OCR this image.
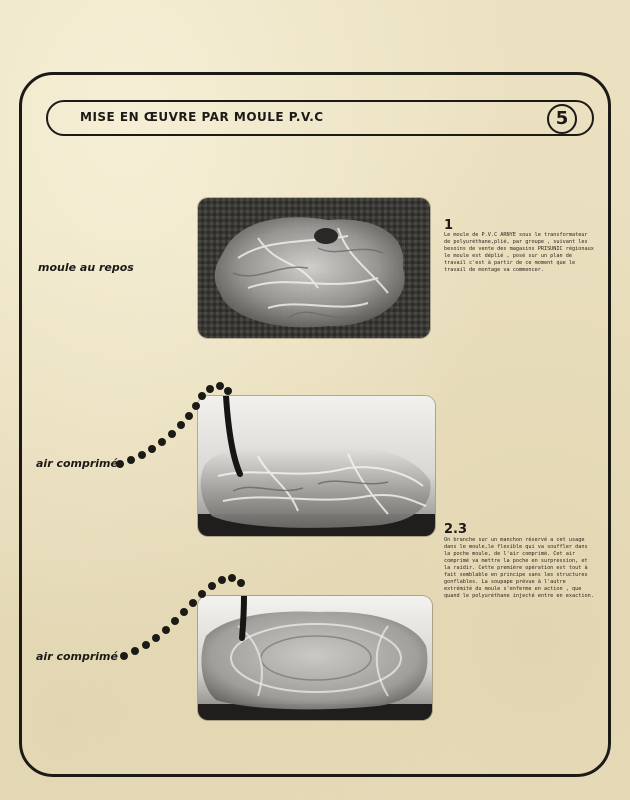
MISE EN ŒUVRE PAR MOULE P.V.C	5
moule au repos
air comprimé
air comprimé
1
Le moule de P.V.C ARNYE sous le transformateur de polyuréthane,plié, par groupe , suivant les besoins de vente des magasins PRISUNIC régionaux le moule est déplié , posé sur un plan de travail c'est à partir de ce moment que le travail de montage va commencer.
2.3
On branche sur un manchon réservé a cet usage dans le moule,le flexible qui va souffler dans la poche moule, de l'air comprimé. Cet air comprimé va mettre la poche en surpression, et la raidir. Cette première opération est tout à fait semblable en principe sans les structures gonflables. La soupape prévue à l'autre extrémité du moule s'enferme en action , que quand le polyuréthane injecté entre en exaction.
